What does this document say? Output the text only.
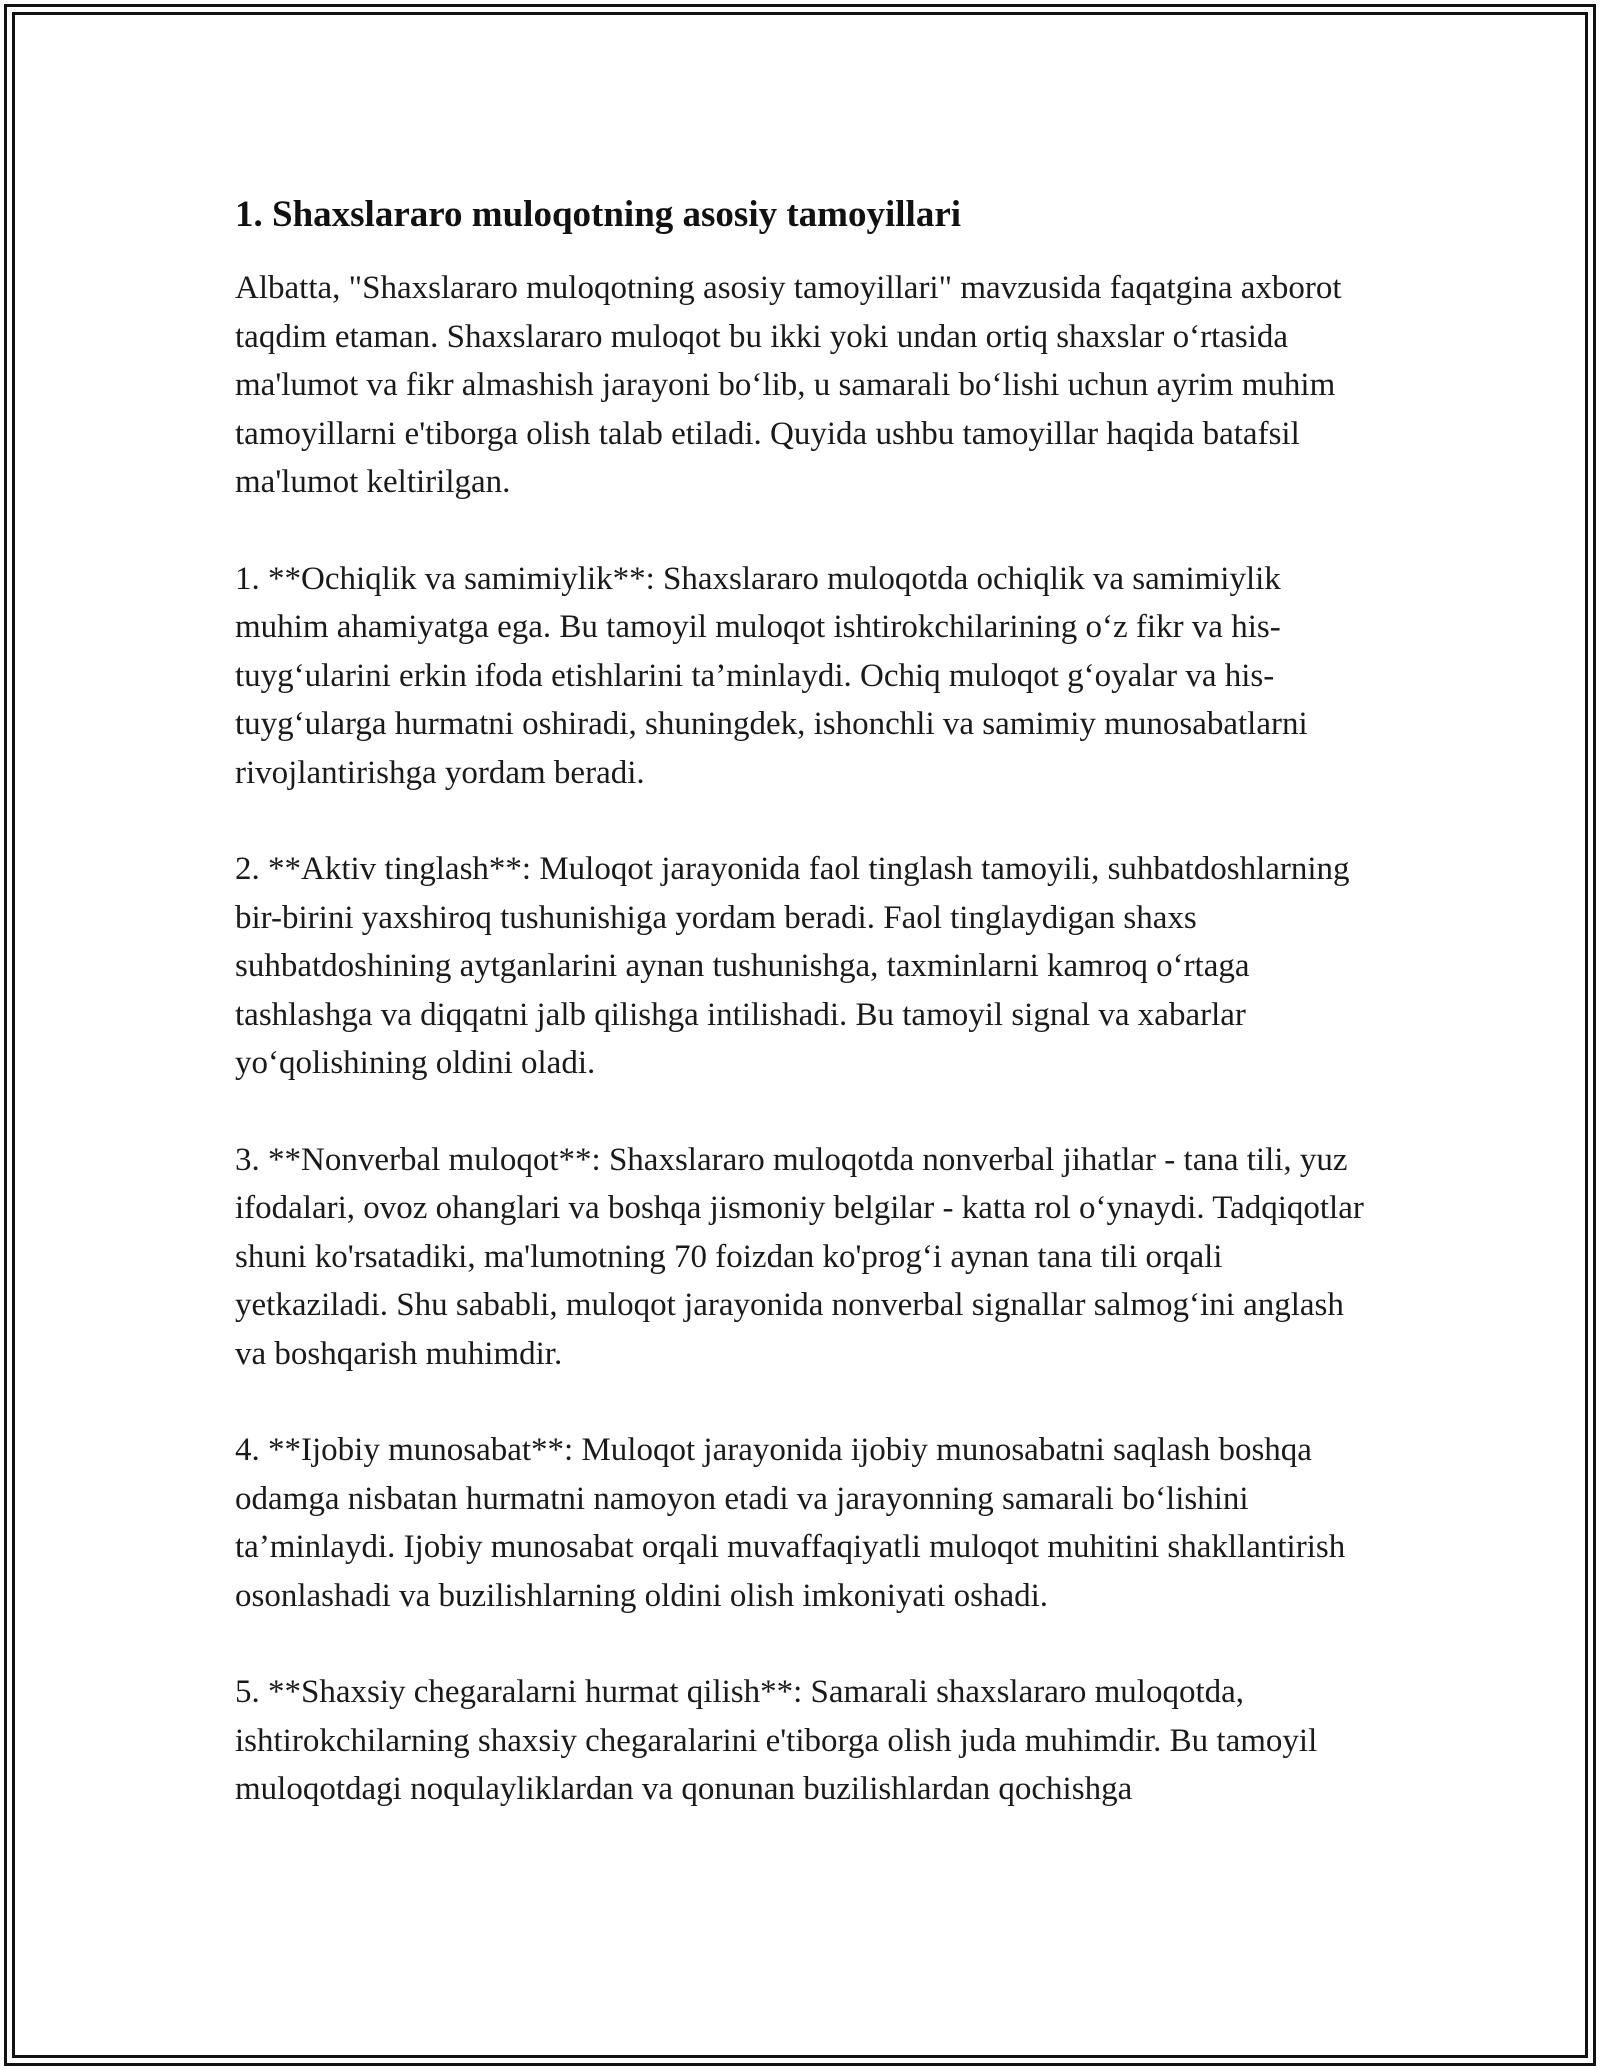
1. Shaxslararo muloqotning asosiy tamoyillari

Albatta, "Shaxslararo muloqotning asosiy tamoyillari" mavzusida faqatgina axborot taqdim etaman. Shaxslararo muloqot bu ikki yoki undan ortiq shaxslar o‘rtasida ma'lumot va fikr almashish jarayoni bo‘lib, u samarali bo‘lishi uchun ayrim muhim tamoyillarni e'tiborga olish talab etiladi. Quyida ushbu tamoyillar haqida batafsil ma'lumot keltirilgan.

1. **Ochiqlik va samimiylik**: Shaxslararo muloqotda ochiqlik va samimiylik muhim ahamiyatga ega. Bu tamoyil muloqot ishtirokchilarining o‘z fikr va his-tuyg‘ularini erkin ifoda etishlarini ta’minlaydi. Ochiq muloqot g‘oyalar va his-tuyg‘ularga hurmatni oshiradi, shuningdek, ishonchli va samimiy munosabatlarni rivojlantirishga yordam beradi.

2. **Aktiv tinglash**: Muloqot jarayonida faol tinglash tamoyili, suhbatdoshlarning bir-birini yaxshiroq tushunishiga yordam beradi. Faol tinglaydigan shaxs suhbatdoshining aytganlarini aynan tushunishga, taxminlarni kamroq o‘rtaga tashlashga va diqqatni jalb qilishga intilishadi. Bu tamoyil signal va xabarlar yo‘qolishining oldini oladi.

3. **Nonverbal muloqot**: Shaxslararo muloqotda nonverbal jihatlar - tana tili, yuz ifodalari, ovoz ohanglari va boshqa jismoniy belgilar - katta rol o‘ynaydi. Tadqiqotlar shuni ko'rsatadiki, ma'lumotning 70 foizdan ko'prog‘i aynan tana tili orqali yetkaziladi. Shu sababli, muloqot jarayonida nonverbal signallar salmog‘ini anglash va boshqarish muhimdir.

4. **Ijobiy munosabat**: Muloqot jarayonida ijobiy munosabatni saqlash boshqa odamga nisbatan hurmatni namoyon etadi va jarayonning samarali bo‘lishini ta’minlaydi. Ijobiy munosabat orqali muvaffaqiyatli muloqot muhitini shakllantirish osonlashadi va buzilishlarning oldini olish imkoniyati oshadi.

5. **Shaxsiy chegaralarni hurmat qilish**: Samarali shaxslararo muloqotda, ishtirokchilarning shaxsiy chegaralarini e'tiborga olish juda muhimdir. Bu tamoyil muloqotdagi noqulayliklardan va qonunan buzilishlardan qochishga
